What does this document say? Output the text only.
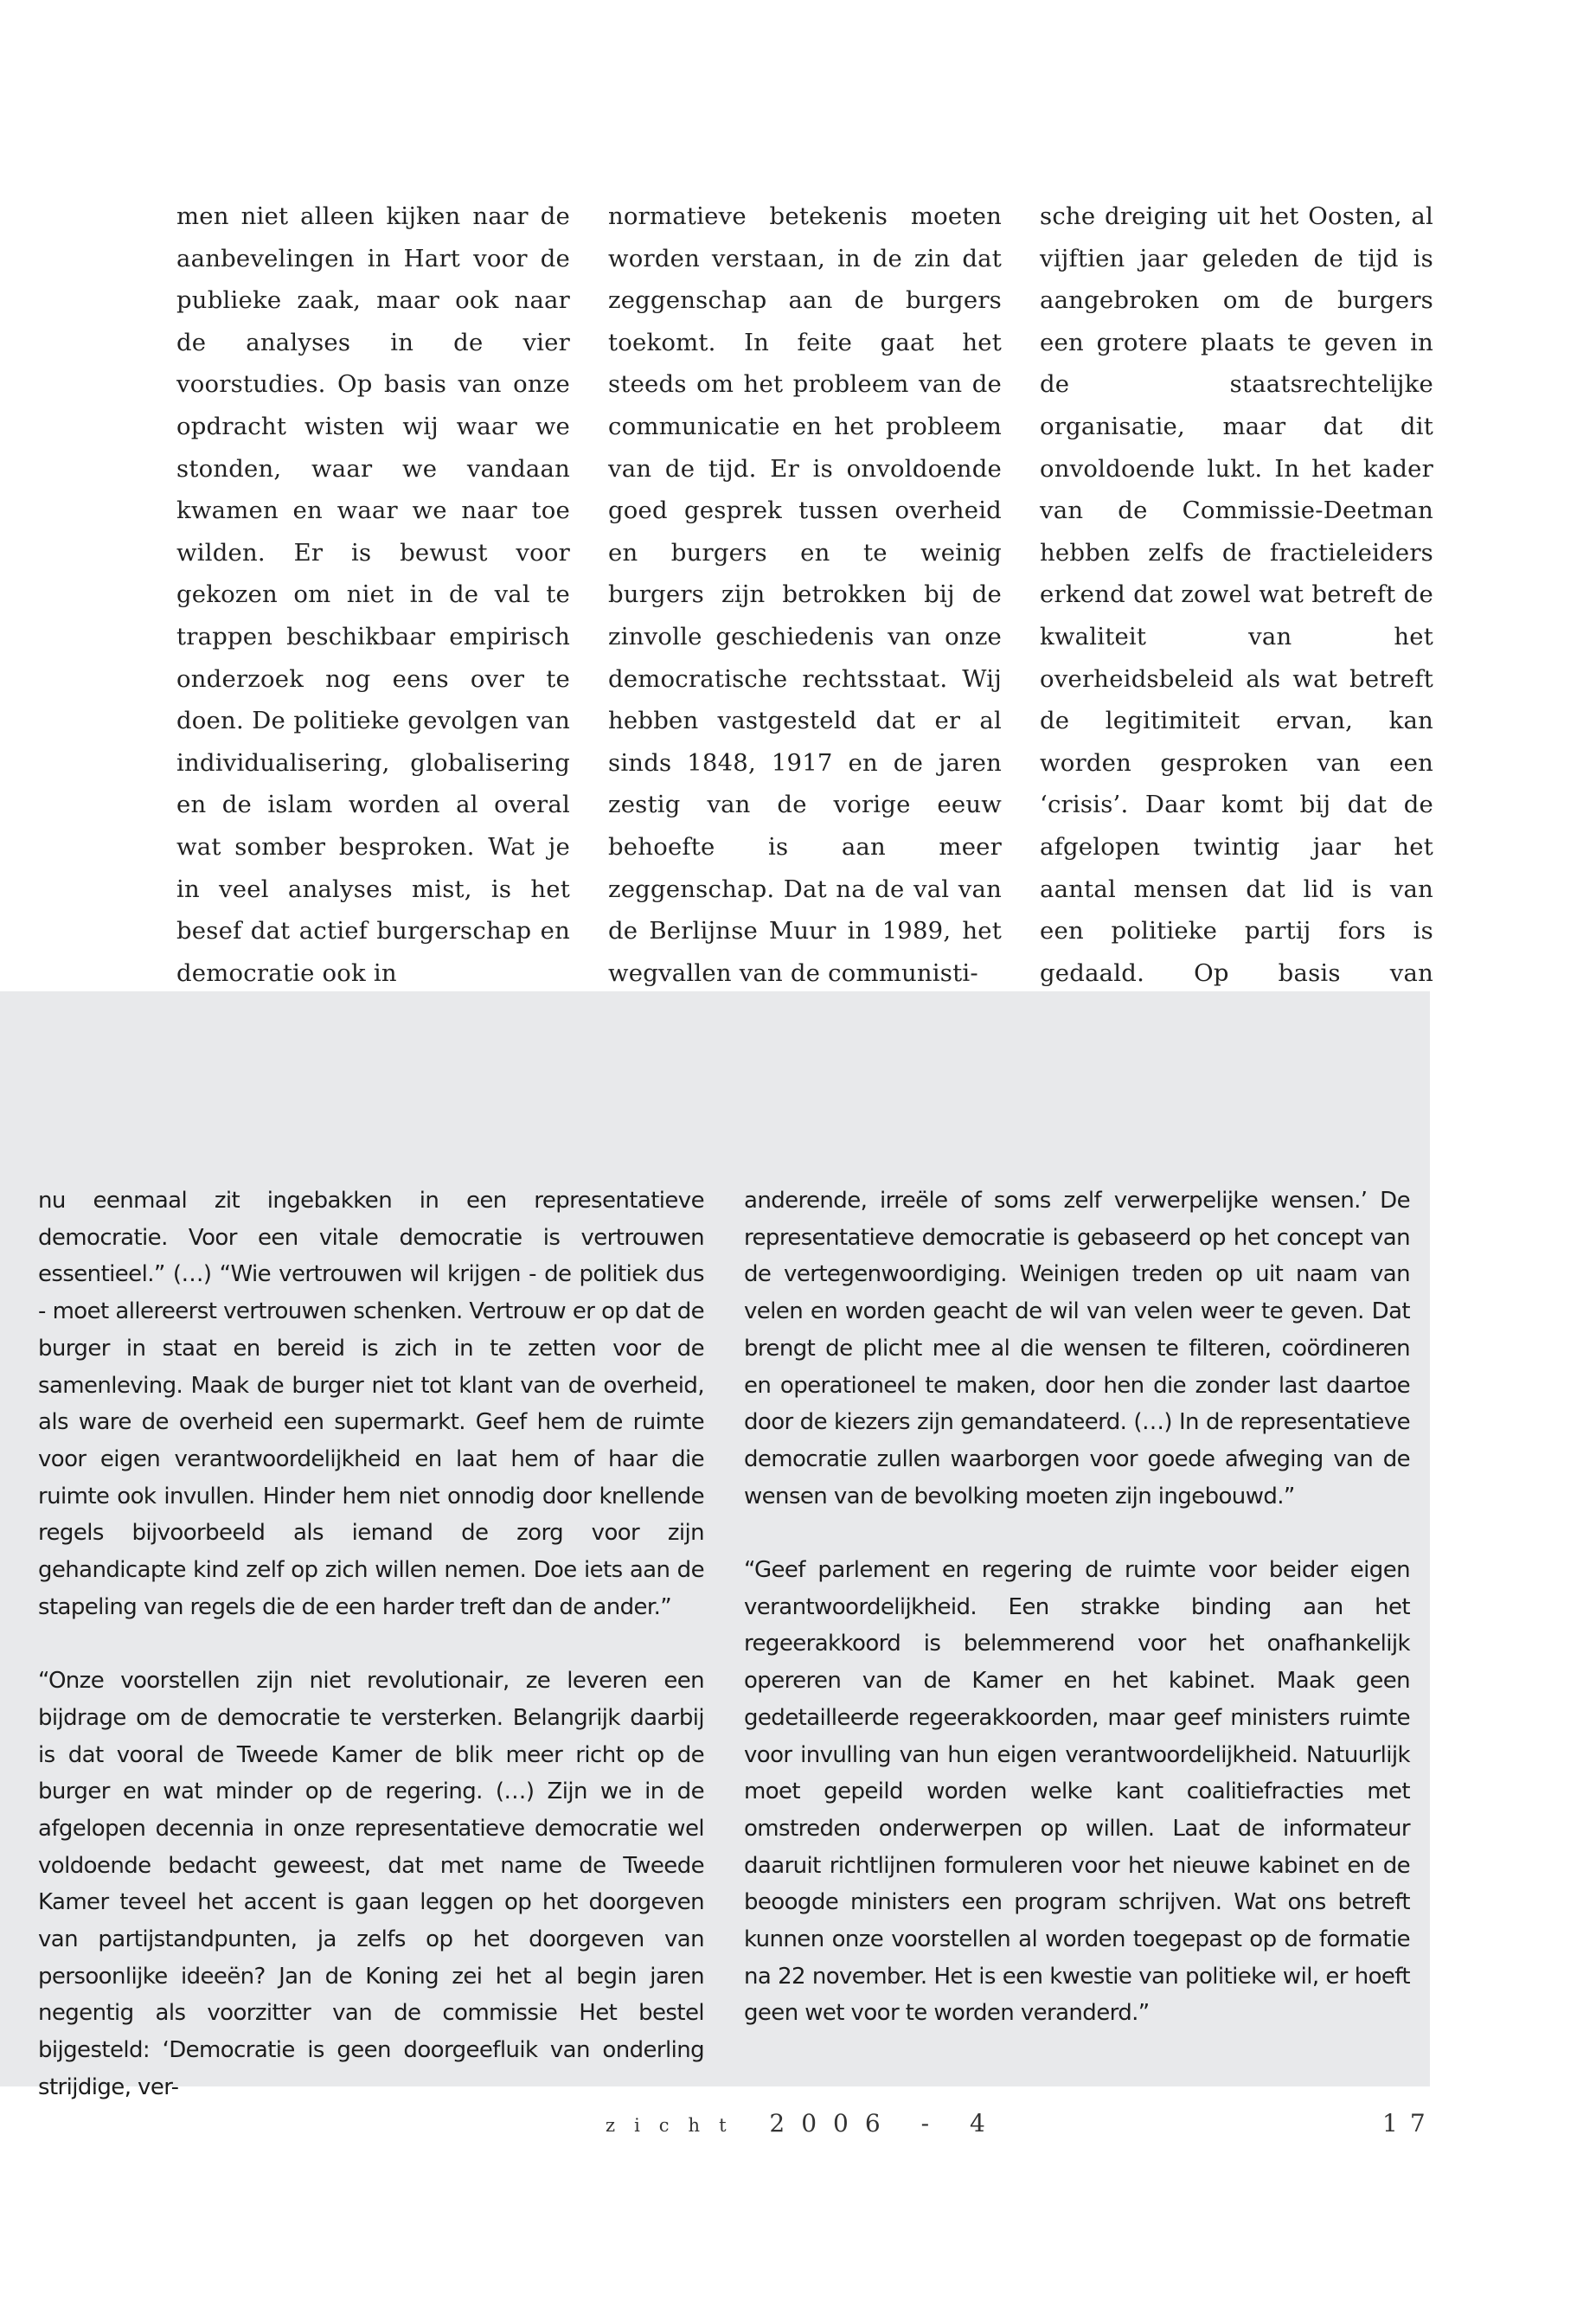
men niet alleen kijken naar de aanbevelingen in Hart voor de publieke zaak, maar ook naar de analyses in de vier voorstudies. Op basis van onze opdracht wisten wij waar we stonden, waar we vandaan kwamen en waar we naar toe wilden. Er is bewust voor gekozen om niet in de val te trappen beschikbaar empirisch onderzoek nog eens over te doen. De politieke gevolgen van individualisering, globalisering en de islam worden al overal wat somber besproken. Wat je in veel analyses mist, is het besef dat actief burgerschap en democratie ook in

normatieve betekenis moeten worden verstaan, in de zin dat zeggenschap aan de burgers toekomt. In feite gaat het steeds om het probleem van de communicatie en het probleem van de tijd. Er is onvoldoende goed gesprek tussen overheid en burgers en te weinig burgers zijn betrokken bij de zinvolle geschiedenis van onze democratische rechtsstaat. Wij hebben vastgesteld dat er al sinds 1848, 1917 en de jaren zestig van de vorige eeuw behoefte is aan meer zeggenschap. Dat na de val van de Berlijnse Muur in 1989, het wegvallen van de communisti-

sche dreiging uit het Oosten, al vijftien jaar geleden de tijd is aangebroken om de burgers een grotere plaats te geven in de staatsrechtelijke organisatie, maar dat dit onvoldoende lukt. In het kader van de Commissie-Deetman hebben zelfs de fractieleiders erkend dat zowel wat betreft de kwaliteit van het overheidsbeleid als wat betreft de legitimiteit ervan, kan worden gesproken van een ‘crisis’. Daar komt bij dat de afgelopen twintig jaar het aantal mensen dat lid is van een politieke partij fors is gedaald. Op basis van

nu eenmaal zit ingebakken in een representatieve democratie. Voor een vitale democratie is vertrouwen essentieel.” (…) “Wie vertrouwen wil krijgen - de politiek dus - moet allereerst vertrouwen schenken. Vertrouw er op dat de burger in staat en bereid is zich in te zetten voor de samenleving. Maak de burger niet tot klant van de overheid, als ware de overheid een supermarkt. Geef hem de ruimte voor eigen verantwoordelijkheid en laat hem of haar die ruimte ook invullen. Hinder hem niet onnodig door knellende regels bijvoorbeeld als iemand de zorg voor zijn gehandicapte kind zelf op zich willen nemen. Doe iets aan de stapeling van regels die de een harder treft dan de ander.”

“Onze voorstellen zijn niet revolutionair, ze leveren een bijdrage om de democratie te versterken. Belangrijk daarbij is dat vooral de Tweede Kamer de blik meer richt op de burger en wat minder op de regering. (…) Zijn we in de afgelopen decennia in onze representatieve democratie wel voldoende bedacht geweest, dat met name de Tweede Kamer teveel het accent is gaan leggen op het doorgeven van partijstandpunten, ja zelfs op het doorgeven van persoonlijke ideeën? Jan de Koning zei het al begin jaren negentig als voorzitter van de commissie Het bestel bijgesteld: ‘Democratie is geen doorgeefluik van onderling strijdige, ver-

anderende, irreële of soms zelf verwerpelijke wensen.’ De representatieve democratie is gebaseerd op het concept van de vertegenwoordiging. Weinigen treden op uit naam van velen en worden geacht de wil van velen weer te geven. Dat brengt de plicht mee al die wensen te filteren, coördineren en operationeel te maken, door hen die zonder last daartoe door de kiezers zijn gemandateerd. (…) In de representatieve democratie zullen waarborgen voor goede afweging van de wensen van de bevolking moeten zijn ingebouwd.”

“Geef parlement en regering de ruimte voor beider eigen verantwoordelijkheid. Een strakke binding aan het regeerakkoord is belemmerend voor het onafhankelijk opereren van de Kamer en het kabinet. Maak geen gedetailleerde regeerakkoorden, maar geef ministers ruimte voor invulling van hun eigen verantwoordelijkheid. Natuurlijk moet gepeild worden welke kant coalitiefracties met omstreden onderwerpen op willen. Laat de informateur daaruit richtlijnen formuleren voor het nieuwe kabinet en de beoogde ministers een program schrijven. Wat ons betreft kunnen onze voorstellen al worden toegepast op de formatie na 22 november. Het is een kwestie van politieke wil, er hoeft geen wet voor te worden veranderd.”

zicht 2006 - 4	17
